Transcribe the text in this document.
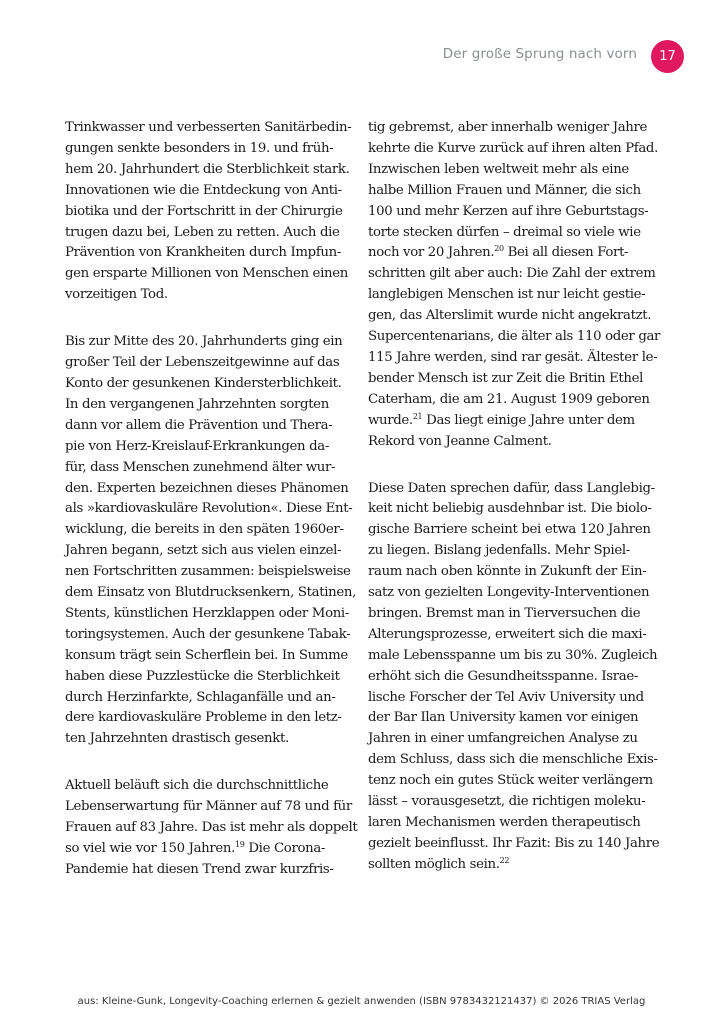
Der große Sprung nach vorn	17
Trinkwasser und verbesserten Sanitärbedin-
gungen senkte besonders in 19. und früh-
hem 20. Jahrhundert die Sterblichkeit stark.
Innovationen wie die Entdeckung von Anti-
biotika und der Fortschritt in der Chirurgie
trugen dazu bei, Leben zu retten. Auch die
Prävention von Krankheiten durch Impfun-
gen ersparte Millionen von Menschen einen
vorzeitigen Tod.
Bis zur Mitte des 20. Jahrhunderts ging ein
großer Teil der Lebenszeitgewinne auf das
Konto der gesunkenen Kindersterblichkeit.
In den vergangenen Jahrzehnten sorgten
dann vor allem die Prävention und Thera-
pie von Herz-Kreislauf-Erkrankungen da-
für, dass Menschen zunehmend älter wur-
den. Experten bezeichnen dieses Phänomen
als »kardiovaskuläre Revolution«. Diese Ent-
wicklung, die bereits in den späten 1960er-
Jahren begann, setzt sich aus vielen einzel-
nen Fortschritten zusammen: beispielsweise
dem Einsatz von Blutdrucksenkern, Statinen,
Stents, künstlichen Herzklappen oder Moni-
toringsystemen. Auch der gesunkene Tabak-
konsum trägt sein Scherflein bei. In Summe
haben diese Puzzlestücke die Sterblichkeit
durch Herzinfarkte, Schlaganfälle und an-
dere kardiovaskuläre Probleme in den letz-
ten Jahrzehnten drastisch gesenkt.
Aktuell beläuft sich die durchschnittliche
Lebenserwartung für Männer auf 78 und für
Frauen auf 83 Jahre. Das ist mehr als doppelt
so viel wie vor 150 Jahren.$^{19}$ Die Corona-
Pandemie hat diesen Trend zwar kurzfris-
tig gebremst, aber innerhalb weniger Jahre
kehrte die Kurve zurück auf ihren alten Pfad.
Inzwischen leben weltweit mehr als eine
halbe Million Frauen und Männer, die sich
100 und mehr Kerzen auf ihre Geburtstags-
torte stecken dürfen – dreimal so viele wie
noch vor 20 Jahren.$^{20}$ Bei all diesen Fort-
schritten gilt aber auch: Die Zahl der extrem
langlebigen Menschen ist nur leicht gestie-
gen, das Alterslimit wurde nicht angekratzt.
Supercentenarians, die älter als 110 oder gar
115 Jahre werden, sind rar gesät. Ältester le-
bender Mensch ist zur Zeit die Britin Ethel
Caterham, die am 21. August 1909 geboren
wurde.$^{21}$ Das liegt einige Jahre unter dem
Rekord von Jeanne Calment.
Diese Daten sprechen dafür, dass Langlebig-
keit nicht beliebig ausdehnbar ist. Die biolo-
gische Barriere scheint bei etwa 120 Jahren
zu liegen. Bislang jedenfalls. Mehr Spiel-
raum nach oben könnte in Zukunft der Ein-
satz von gezielten Longevity-Interventionen
bringen. Bremst man in Tierversuchen die
Alterungsprozesse, erweitert sich die maxi-
male Lebensspanne um bis zu 30%. Zugleich
erhöht sich die Gesundheitsspanne. Israe-
lische Forscher der Tel Aviv University und
der Bar Ilan University kamen vor einigen
Jahren in einer umfangreichen Analyse zu
dem Schluss, dass sich die menschliche Exis-
tenz noch ein gutes Stück weiter verlängern
lässt – vorausgesetzt, die richtigen moleku-
laren Mechanismen werden therapeutisch
gezielt beeinflusst. Ihr Fazit: Bis zu 140 Jahre
sollten möglich sein.$^{22}$
aus: Kleine-Gunk, Longevity-Coaching erlernen & gezielt anwenden (ISBN 9783432121437) © 2026 TRIAS Verlag
